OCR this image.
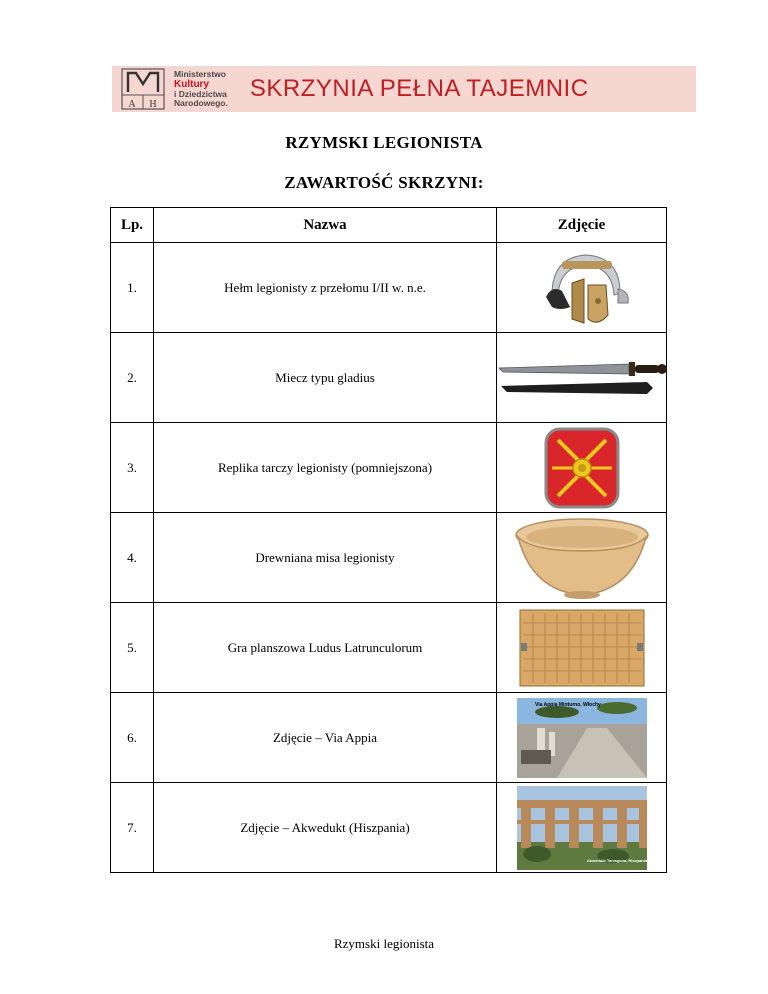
A H
Ministerstwo
Kultury
i Dziedzictwa
Narodowego.
SKRZYNIA PEŁNA TAJEMNIC
RZYMSKI LEGIONISTA
ZAWARTOŚĆ SKRZYNI:
Lp.	Nazwa	Zdjęcie
1.	Hełm legionisty z przełomu I/II w. n.e.	

2.	Miecz typu gladius	

3.	Replika tarczy legionisty (pomniejszona)	

4.	Drewniana misa legionisty	

5.	Gra planszowa Ludus Latrunculorum	

6.	Zdjęcie – Via Appia	Via Appia Minturno, Włochy

7.	Zdjęcie – Akwedukt (Hiszpania)	Akwedukt Tarragona, Hiszpania
Rzymski legionista
